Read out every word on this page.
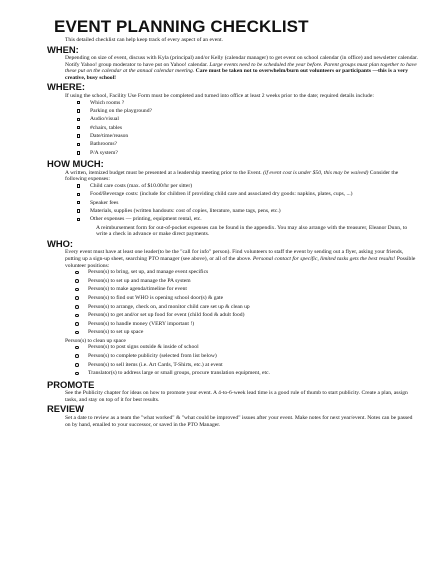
EVENT PLANNING CHECKLIST
This detailed checklist can help keep track of every aspect of an event.
WHEN:
Depending on size of event, discuss with Kyla (principal) and/or Kelly (calendar manager) to get event on school calendar (in office) and newsletter calendar. Notify Yahoo! group moderator to have put on Yahoo! calendar. Large events need to be scheduled the year before. Parent groups must plan together to have these put on the calendar at the annual calendar meeting. Care must be taken not to overwhelm/burn out volunteers or participants —this is a very creative, busy school!
WHERE:
If using the school, Facility Use Form must be completed and turned into office at least 2 weeks prior to the date; required details include:
Which rooms ?
Parking on the playground?
Audio/visual
#chairs, tables
Date/time/reason
Bathrooms?
P/A system?
HOW MUCH:
A written, itemized budget must be presented at a leadership meeting prior to the Event. (if event cost is under $50, this may be waived) Consider the following expenses:
Child care costs (max. of $10.00/hr per sitter)
Food/Beverage costs: (include for children if providing child care and associated dry goods: napkins, plates, cups, ...)
Speaker fees
Materials, supplies (written handouts: cost of copies, literature, name tags, pens, etc.)
Other expenses — printing, equipment rental, etc.
A reimbursement form for out-of-pocket expenses can be found in the appendix. You may also arrange with the treasurer, Eleanor Dunn, to write a check in advance or make direct payments.
WHO:
Every event must have at least one leader(to be the "call for info" person). Find volunteers to staff the event by sending out a flyer, asking your friends, putting up a sign-up sheet, searching PTO manager (see above), or all of the above. Personal contact for specific, limited tasks gets the best results! Possible volunteer positions:
Person(s) to bring, set up, and manage event specifics
Person(s) to set up and manage the PA system
Person(s) to make agenda/timeline for event
Person(s) to find out WHO is opening school door(s) & gate
Person(s) to arrange, check on, and monitor child care set up & clean up
Person(s) to get and/or set up food for event (child food & adult food)
Person(s) to handle money (VERY important !)
Person(s) to set up space
Person(s) to clean up space
Person(s) to post signs outside & inside of school
Person(s) to complete publicity (selected from list below)
Person(s) to sell items (i.e. Art Cards, T-Shirts, etc.) at event
Translator(s) to address large or small groups, procure translation equipment, etc.
PROMOTE
See the Publicity chapter for ideas on how to promote your event. A 4-to-6-week lead time is a good rule of thumb to start publicity. Create a plan, assign tasks, and stay on top of it for best results.
REVIEW
Set a date to review as a team the "what worked" & "what could be improved" issues after your event. Make notes for next year/event. Notes can be passed on by hand, emailed to your successor, or saved in the PTO Manager.
